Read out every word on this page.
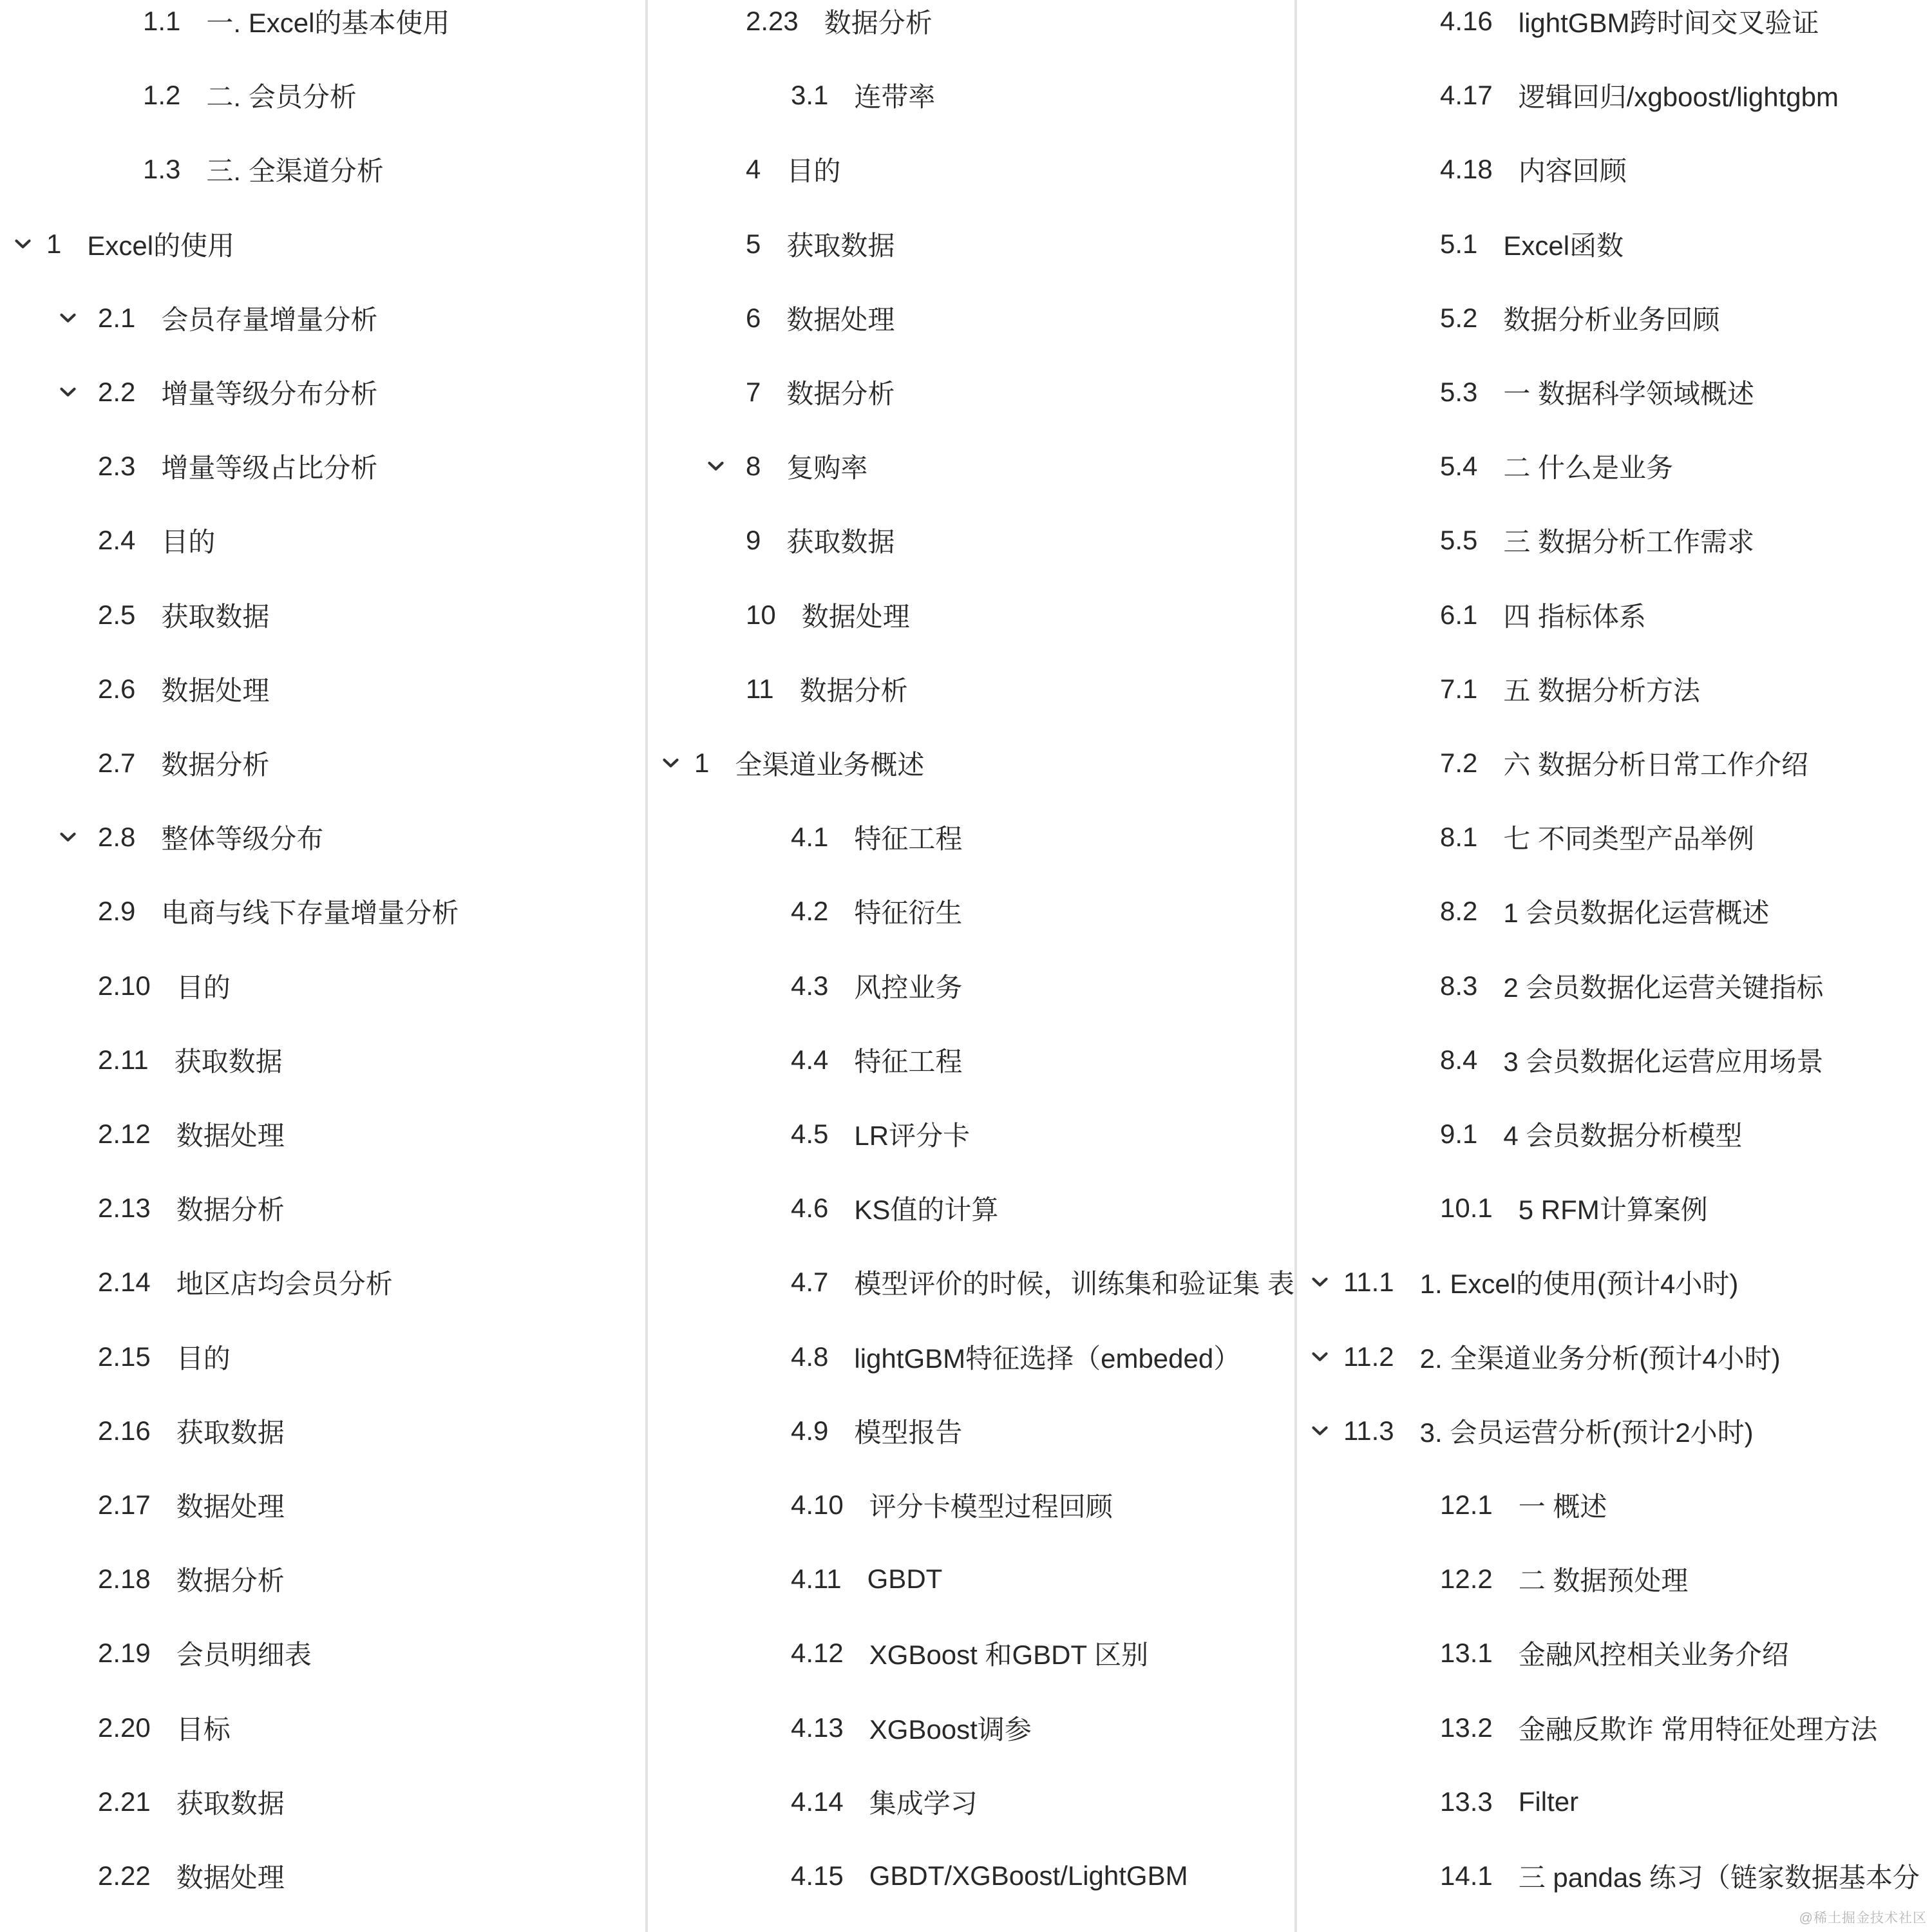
@稀土掘金技术社区
1.1 一. Excel的基本使用
1.2 二. 会员分析
1.3 三. 全渠道分析
1 Excel的使用
2.1 会员存量增量分析
2.2 增量等级分布分析
2.3 增量等级占比分析
2.4 目的
2.5 获取数据
2.6 数据处理
2.7 数据分析
2.8 整体等级分布
2.9 电商与线下存量增量分析
2.10 目的
2.11 获取数据
2.12 数据处理
2.13 数据分析
2.14 地区店均会员分析
2.15 目的
2.16 获取数据
2.17 数据处理
2.18 数据分析
2.19 会员明细表
2.20 目标
2.21 获取数据
2.22 数据处理
2.23 数据分析
3.1 连带率
4 目的
5 获取数据
6 数据处理
7 数据分析
8 复购率
9 获取数据
10 数据处理
11 数据分析
1 全渠道业务概述
4.1 特征工程
4.2 特征衍生
4.3 风控业务
4.4 特征工程
4.5 LR评分卡
4.6 KS值的计算
4.7 模型评价的时候，训练集和验证集 表
4.8 lightGBM特征选择（embeded）
4.9 模型报告
4.10 评分卡模型过程回顾
4.11 GBDT
4.12 XGBoost 和GBDT 区别
4.13 XGBoost调参
4.14 集成学习
4.15 GBDT/XGBoost/LightGBM
4.16 lightGBM跨时间交叉验证
4.17 逻辑回归/xgboost/lightgbm
4.18 内容回顾
5.1 Excel函数
5.2 数据分析业务回顾
5.3 一 数据科学领域概述
5.4 二 什么是业务
5.5 三 数据分析工作需求
6.1 四 指标体系
7.1 五 数据分析方法
7.2 六 数据分析日常工作介绍
8.1 七 不同类型产品举例
8.2 1 会员数据化运营概述
8.3 2 会员数据化运营关键指标
8.4 3 会员数据化运营应用场景
9.1 4 会员数据分析模型
10.1 5 RFM计算案例
11.1 1. Excel的使用(预计4小时)
11.2 2. 全渠道业务分析(预计4小时)
11.3 3. 会员运营分析(预计2小时)
12.1 一 概述
12.2 二 数据预处理
13.1 金融风控相关业务介绍
13.2 金融反欺诈 常用特征处理方法
13.3 Filter
14.1 三 pandas 练习（链家数据基本分
